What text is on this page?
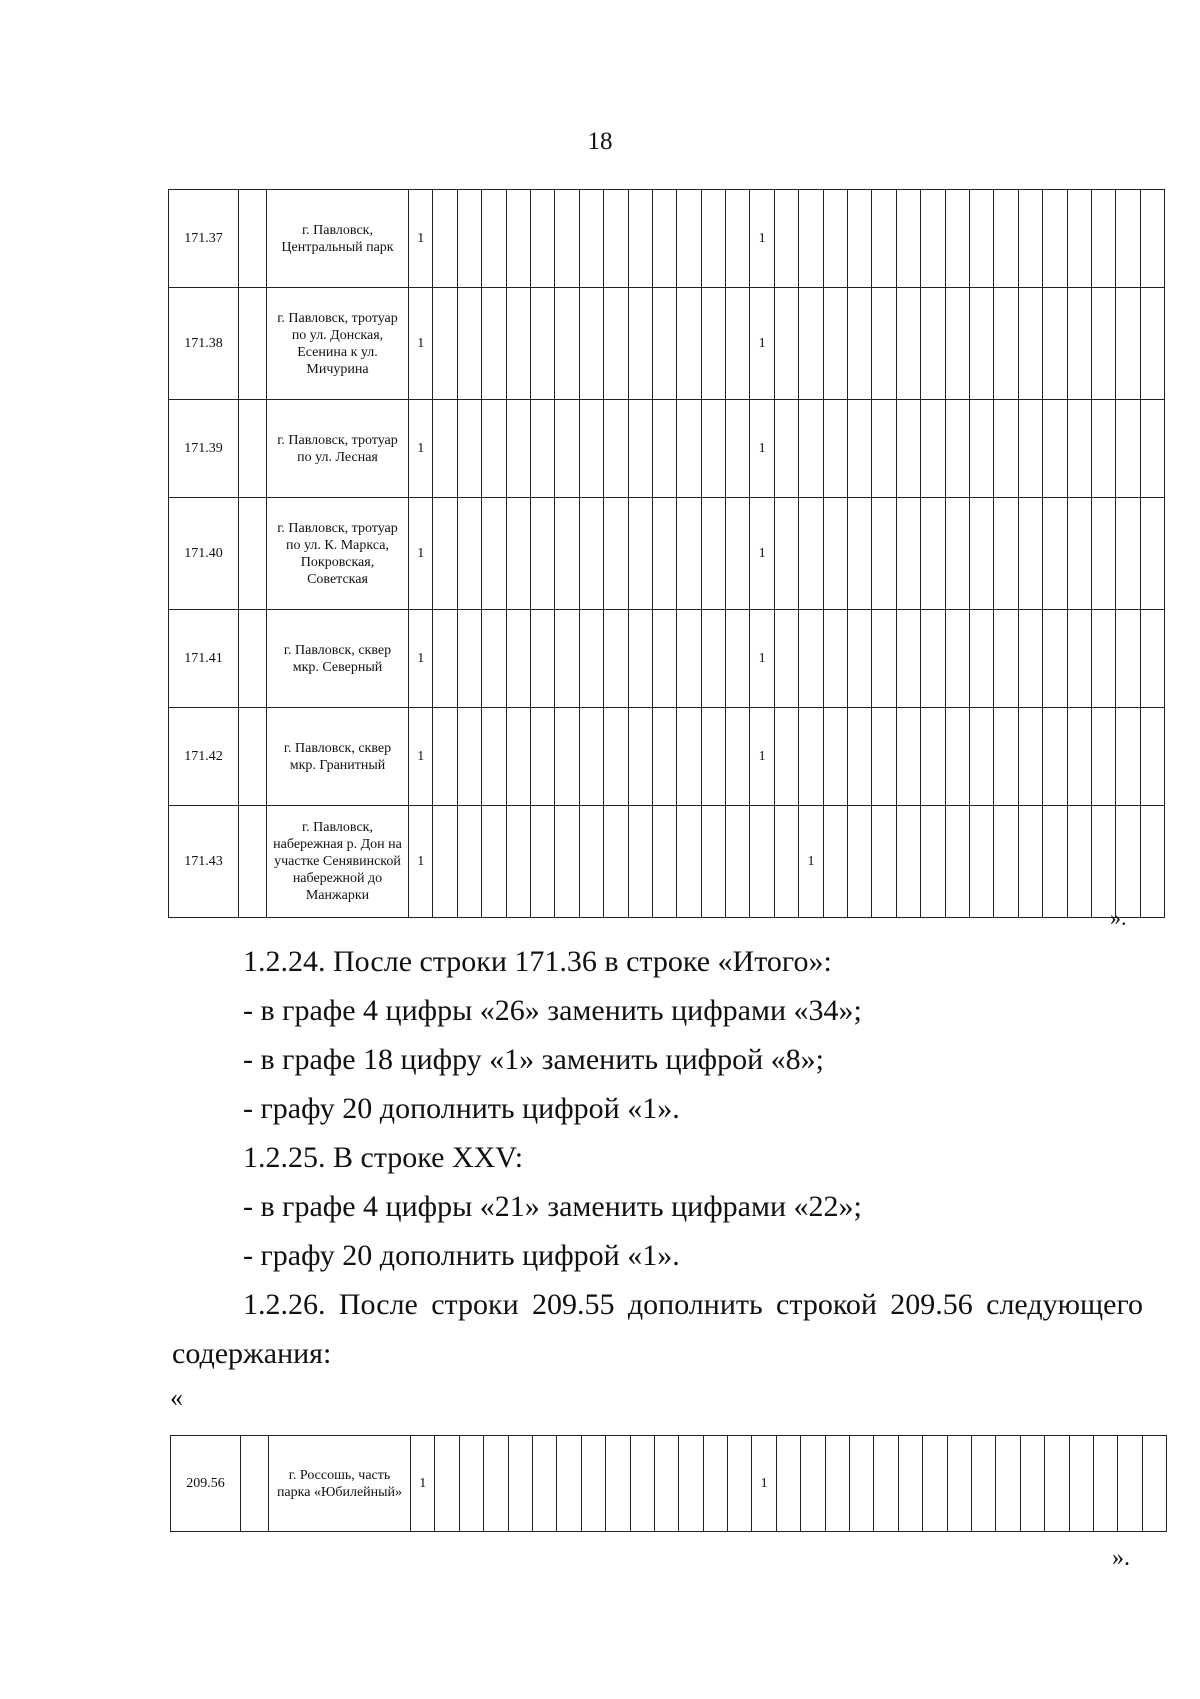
18
171.37		г. Павловск, Центральный парк	1														1																
171.38		г. Павловск, тротуар по ул. Донская, Есенина к ул. Мичурина	1														1																
171.39		г. Павловск, тротуар по ул. Лесная	1														1																
171.40		г. Павловск, тротуар по ул. К. Маркса, Покровская, Советская	1														1																
171.41		г. Павловск, сквер мкр. Северный	1														1																
171.42		г. Павловск, сквер мкр. Гранитный	1														1																
171.43		г. Павловск, набережная р. Дон на участке Сенявинской набережной до Манжарки	1																1														
».
1.2.24. После строки 171.36 в строке «Итого»:
- в графе 4 цифры «26» заменить цифрами «34»;
- в графе 18 цифру «1» заменить цифрой «8»;
- графу 20 дополнить цифрой «1».
1.2.25. В строке XXV:
- в графе 4 цифры «21» заменить цифрами «22»;
- графу 20 дополнить цифрой «1».
1.2.26. После строки 209.55 дополнить строкой 209.56 следующего
содержания:
«
209.56		г. Россошь, часть парка «Юбилейный»	1														1																
».
